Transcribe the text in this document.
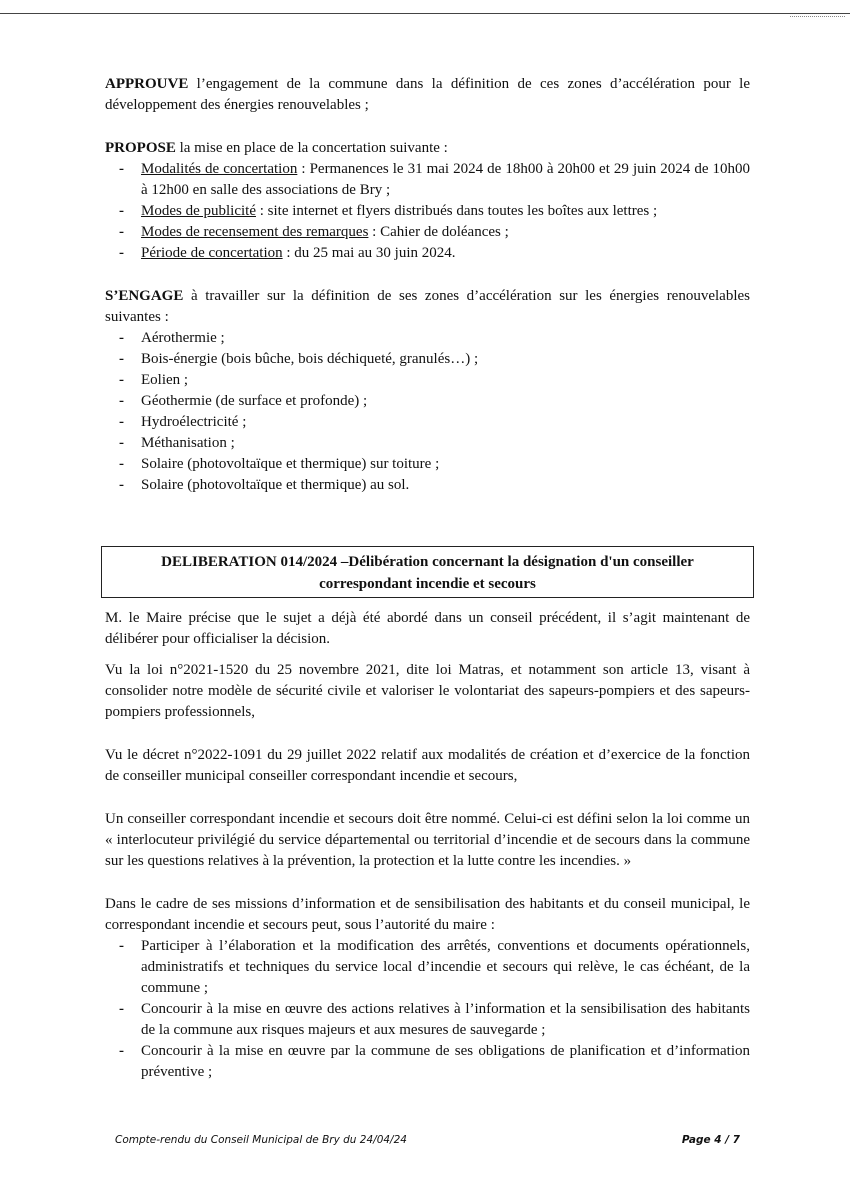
APPROUVE l’engagement de la commune dans la définition de ces zones d’accélération pour le développement des énergies renouvelables ;

PROPOSE la mise en place de la concertation suivante :

- Modalités de concertation : Permanences le 31 mai 2024 de 18h00 à 20h00 et 29 juin 2024 de 10h00 à 12h00 en salle des associations de Bry ;
- Modes de publicité : site internet et flyers distribués dans toutes les boîtes aux lettres ;
- Modes de recensement des remarques : Cahier de doléances ;
- Période de concertation : du 25 mai au 30 juin 2024.

S’ENGAGE à travailler sur la définition de ses zones d’accélération sur les énergies renouvelables suivantes :

- Aérothermie ;
- Bois-énergie (bois bûche, bois déchiqueté, granulés…) ;
- Eolien ;
- Géothermie (de surface et profonde) ;
- Hydroélectricité ;
- Méthanisation ;
- Solaire (photovoltaïque et thermique) sur toiture ;
- Solaire (photovoltaïque et thermique) au sol.
DELIBERATION 014/2024 –Délibération concernant la désignation d'un conseiller
correspondant incendie et secours

M. le Maire précise que le sujet a déjà été abordé dans un conseil précédent, il s’agit maintenant de délibérer pour officialiser la décision.

Vu la loi n°2021-1520 du 25 novembre 2021, dite loi Matras, et notamment son article 13, visant à consolider notre modèle de sécurité civile et valoriser le volontariat des sapeurs-pompiers et des sapeurs-pompiers professionnels,

Vu le décret n°2022-1091 du 29 juillet 2022 relatif aux modalités de création et d’exercice de la fonction de conseiller municipal conseiller correspondant incendie et secours,

Un conseiller correspondant incendie et secours doit être nommé. Celui-ci est défini selon la loi comme un « interlocuteur privilégié du service départemental ou territorial d’incendie et de secours dans la commune sur les questions relatives à la prévention, la protection et la lutte contre les incendies. »

Dans le cadre de ses missions d’information et de sensibilisation des habitants et du conseil municipal, le correspondant incendie et secours peut, sous l’autorité du maire :

- Participer à l’élaboration et la modification des arrêtés, conventions et documents opérationnels, administratifs et techniques du service local d’incendie et secours qui relève, le cas échéant, de la commune ;
- Concourir à la mise en œuvre des actions relatives à l’information et la sensibilisation des habitants de la commune aux risques majeurs et aux mesures de sauvegarde ;
- Concourir à la mise en œuvre par la commune de ses obligations de planification et d’information préventive ;
Compte-rendu du Conseil Municipal de Bry du 24/04/24	Page 4 / 7
